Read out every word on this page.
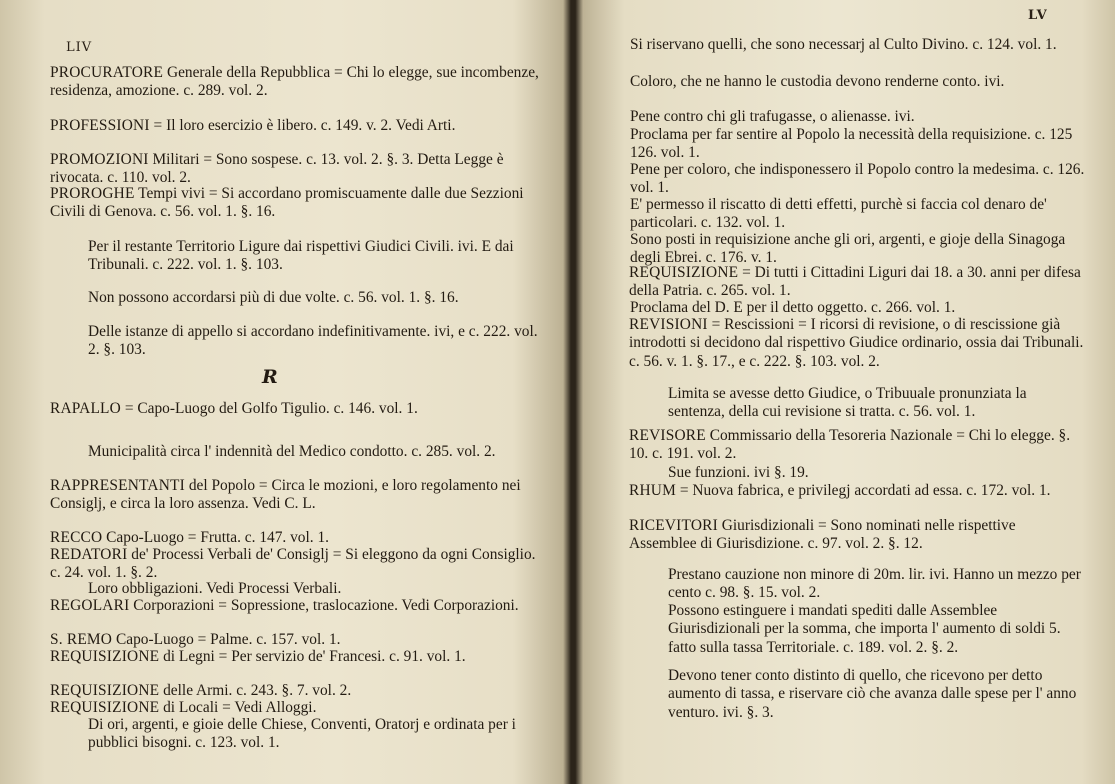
LIV
LV

PROCURATORE Generale della Repubblica = Chi lo elegge, sue incombenze, residenza, amozione. c. 289. vol. 2.

PROFESSIONI = Il loro esercizio è libero. c. 149. v. 2. Vedi Arti.

PROMOZIONI Militari = Sono sospese. c. 13. vol. 2. §. 3. Detta Legge è rivocata. c. 110. vol. 2.

PROROGHE Tempi vivi = Si accordano promiscuamente dalle due Sezzioni Civili di Genova. c. 56. vol. 1. §. 16.

Per il restante Territorio Ligure dai rispettivi Giudici Civili. ivi. E dai Tribunali. c. 222. vol. 1. §. 103.

Non possono accordarsi più di due volte. c. 56. vol. 1. §. 16.

Delle istanze di appello si accordano indefinitivamente. ivi, e c. 222. vol. 2. §. 103.

R

RAPALLO = Capo-Luogo del Golfo Tigulio. c. 146. vol. 1.

Municipalità circa l' indennità del Medico condotto. c. 285. vol. 2.

RAPPRESENTANTI del Popolo = Circa le mozioni, e loro regolamento nei Consiglj, e circa la loro assenza. Vedi C. L.

RECCO Capo-Luogo = Frutta. c. 147. vol. 1.

REDATORI de' Processi Verbali de' Consiglj = Si eleggono da ogni Consiglio. c. 24. vol. 1. §. 2.

Loro obbligazioni. Vedi Processi Verbali.

REGOLARI Corporazioni = Sopressione, traslocazione. Vedi Corporazioni.

S. REMO Capo-Luogo = Palme. c. 157. vol. 1.

REQUISIZIONE di Legni = Per servizio de' Francesi. c. 91. vol. 1.

REQUISIZIONE delle Armi. c. 243. §. 7. vol. 2.

REQUISIZIONE di Locali = Vedi Alloggi.

Di ori, argenti, e gioie delle Chiese, Conventi, Oratorj e ordinata per i pubblici bisogni. c. 123. vol. 1.

Si riservano quelli, che sono necessarj al Culto Divino. c. 124. vol. 1.

Coloro, che ne hanno le custodia devono renderne conto. ivi.

Pene contro chi gli trafugasse, o alienasse. ivi.

Proclama per far sentire al Popolo la necessità della requisizione. c. 125 126. vol. 1.

Pene per coloro, che indisponessero il Popolo contro la medesima. c. 126. vol. 1.

E' permesso il riscatto di detti effetti, purchè si faccia col denaro de' particolari. c. 132. vol. 1.

Sono posti in requisizione anche gli ori, argenti, e gioje della Sinagoga degli Ebrei. c. 176. v. 1.

REQUISIZIONE = Di tutti i Cittadini Liguri dai 18. a 30. anni per difesa della Patria. c. 265. vol. 1.

Proclama del D. E per il detto oggetto. c. 266. vol. 1.

REVISIONI = Rescissioni = I ricorsi di revisione, o di rescissione già introdotti si decidono dal rispettivo Giudice ordinario, ossia dai Tribunali. c. 56. v. 1. §. 17., e c. 222. §. 103. vol. 2.

Limita se avesse detto Giudice, o Tribuuale pronunziata la sentenza, della cui revisione si tratta. c. 56. vol. 1.

REVISORE Commissario della Tesoreria Nazionale = Chi lo elegge. §. 10. c. 191. vol. 2.

Sue funzioni. ivi §. 19.

RHUM = Nuova fabrica, e privilegj accordati ad essa. c. 172. vol. 1.

RICEVITORI Giurisdizionali = Sono nominati nelle rispettive Assemblee di Giurisdizione. c. 97. vol. 2. §. 12.

Prestano cauzione non minore di 20m. lir. ivi. Hanno un mezzo per cento c. 98. §. 15. vol. 2.

Possono estinguere i mandati spediti dalle Assemblee Giurisdizionali per la somma, che importa l' aumento di soldi 5. fatto sulla tassa Territoriale. c. 189. vol. 2. §. 2.

Devono tener conto distinto di quello, che ricevono per detto aumento di tassa, e riservare ciò che avanza dalle spese per l' anno venturo. ivi. §. 3.
